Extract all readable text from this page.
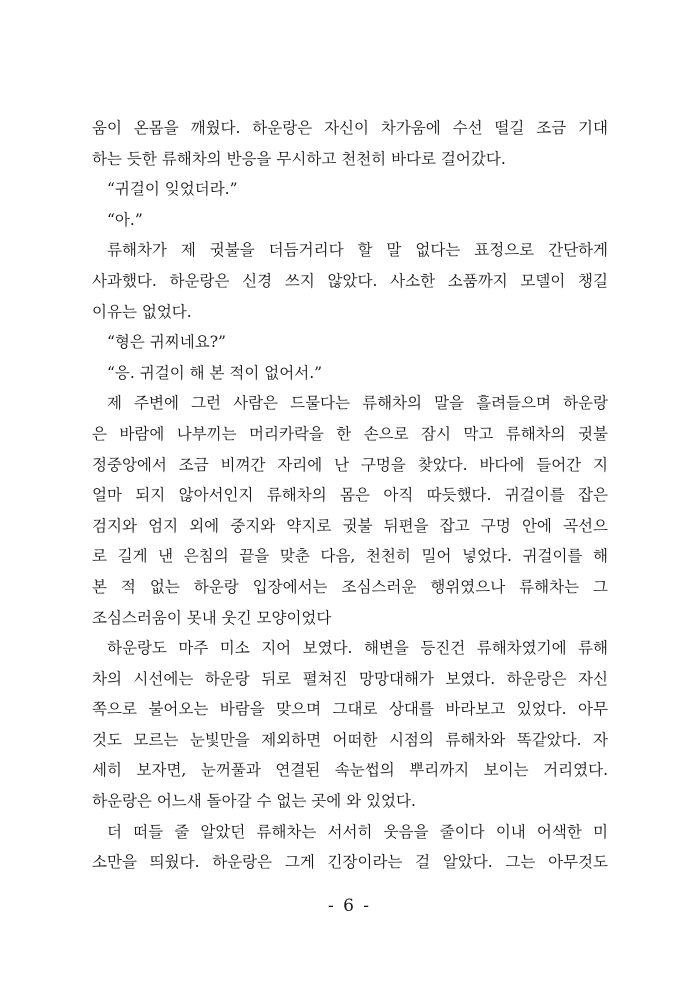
움이 온몸을 깨웠다. 하운랑은 자신이 차가움에 수선 떨길 조금 기대
하는 듯한 류해차의 반응을 무시하고 천천히 바다로 걸어갔다.
“귀걸이 잊었더라.”
“아.”
류해차가 제 귓불을 더듬거리다 할 말 없다는 표정으로 간단하게
사과했다. 하운랑은 신경 쓰지 않았다. 사소한 소품까지 모델이 챙길
이유는 없었다.
“형은 귀찌네요?”
“응. 귀걸이 해 본 적이 없어서.”
제 주변에 그런 사람은 드물다는 류해차의 말을 흘려들으며 하운랑
은 바람에 나부끼는 머리카락을 한 손으로 잠시 막고 류해차의 귓불
정중앙에서 조금 비껴간 자리에 난 구멍을 찾았다. 바다에 들어간 지
얼마 되지 않아서인지 류해차의 몸은 아직 따듯했다. 귀걸이를 잡은
검지와 엄지 외에 중지와 약지로 귓불 뒤편을 잡고 구멍 안에 곡선으
로 길게 낸 은침의 끝을 맞춘 다음, 천천히 밀어 넣었다. 귀걸이를 해
본 적 없는 하운랑 입장에서는 조심스러운 행위였으나 류해차는 그
조심스러움이 못내 웃긴 모양이었다
하운랑도 마주 미소 지어 보였다. 해변을 등진건 류해차였기에 류해
차의 시선에는 하운랑 뒤로 펼쳐진 망망대해가 보였다. 하운랑은 자신
쪽으로 불어오는 바람을 맞으며 그대로 상대를 바라보고 있었다. 아무
것도 모르는 눈빛만을 제외하면 어떠한 시점의 류해차와 똑같았다. 자
세히 보자면, 눈꺼풀과 연결된 속눈썹의 뿌리까지 보이는 거리였다.
하운랑은 어느새 돌아갈 수 없는 곳에 와 있었다.
더 떠들 줄 알았던 류해차는 서서히 웃음을 줄이다 이내 어색한 미
소만을 띄웠다. 하운랑은 그게 긴장이라는 걸 알았다. 그는 아무것도
- 6 -
